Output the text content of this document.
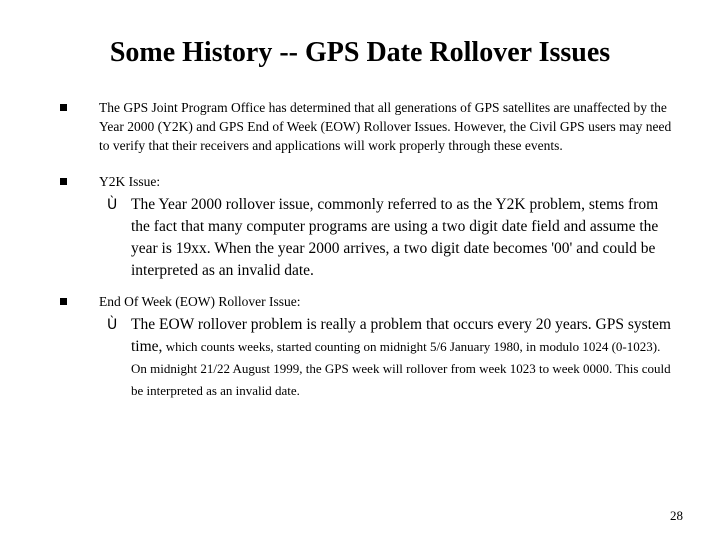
Some History -- GPS Date Rollover Issues

The GPS Joint Program Office has determined that all generations of GPS satellites are unaffected by the Year 2000 (Y2K) and GPS End of Week (EOW) Rollover Issues. However, the Civil GPS users may need to verify that their receivers and applications will work properly through these events.

Y2K Issue:

Ù The Year 2000 rollover issue, commonly referred to as the Y2K problem, stems from the fact that many computer programs are using a two digit date field and assume the year is 19xx. When the year 2000 arrives, a two digit date becomes '00' and could be interpreted as an invalid date.

End Of Week (EOW) Rollover Issue:

Ù The EOW rollover problem is really a problem that occurs every 20 years. GPS system time, which counts weeks, started counting on midnight 5/6 January 1980, in modulo 1024 (0-1023). On midnight 21/22 August 1999, the GPS week will rollover from week 1023 to week 0000. This could be interpreted as an invalid date.

28
